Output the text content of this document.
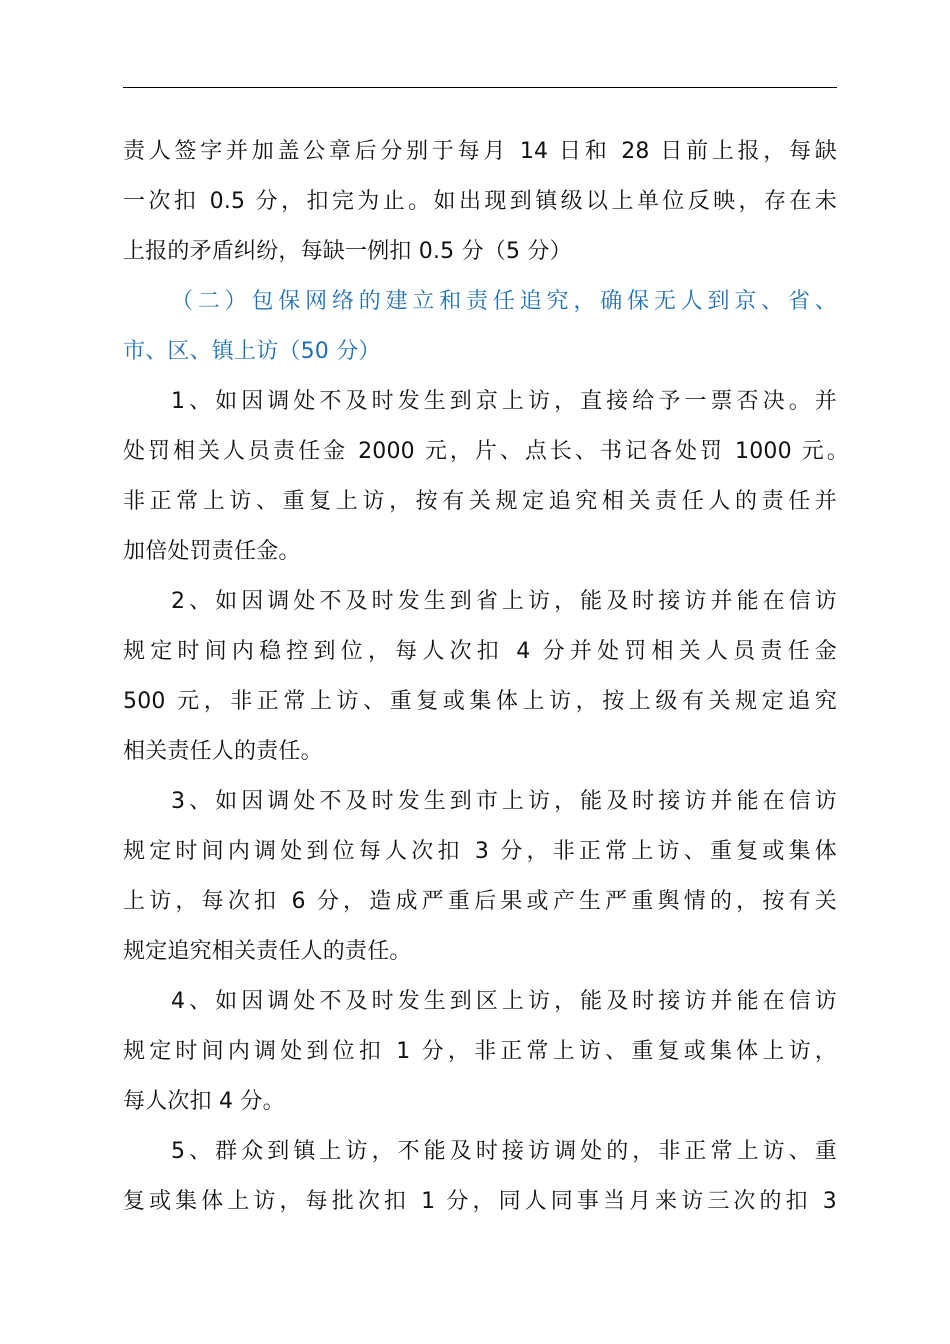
责人签字并加盖公章后分别于每月 14 日和 28 日前上报，每缺
一次扣 0.5 分，扣完为止。如出现到镇级以上单位反映，存在未
上报的矛盾纠纷，每缺一例扣 0.5 分（5 分）
（二）包保网络的建立和责任追究，确保无人到京、省、
市、区、镇上访（50 分）
1、如因调处不及时发生到京上访，直接给予一票否决。并
处罚相关人员责任金 2000 元，片、点长、书记各处罚 1000 元。
非正常上访、重复上访，按有关规定追究相关责任人的责任并
加倍处罚责任金。
2、如因调处不及时发生到省上访，能及时接访并能在信访
规定时间内稳控到位，每人次扣 4 分并处罚相关人员责任金
500 元，非正常上访、重复或集体上访，按上级有关规定追究
相关责任人的责任。
3、如因调处不及时发生到市上访，能及时接访并能在信访
规定时间内调处到位每人次扣 3 分，非正常上访、重复或集体
上访，每次扣 6 分，造成严重后果或产生严重舆情的，按有关
规定追究相关责任人的责任。
4、如因调处不及时发生到区上访，能及时接访并能在信访
规定时间内调处到位扣 1 分，非正常上访、重复或集体上访，
每人次扣 4 分。
5、群众到镇上访，不能及时接访调处的，非正常上访、重
复或集体上访，每批次扣 1 分，同人同事当月来访三次的扣 3
